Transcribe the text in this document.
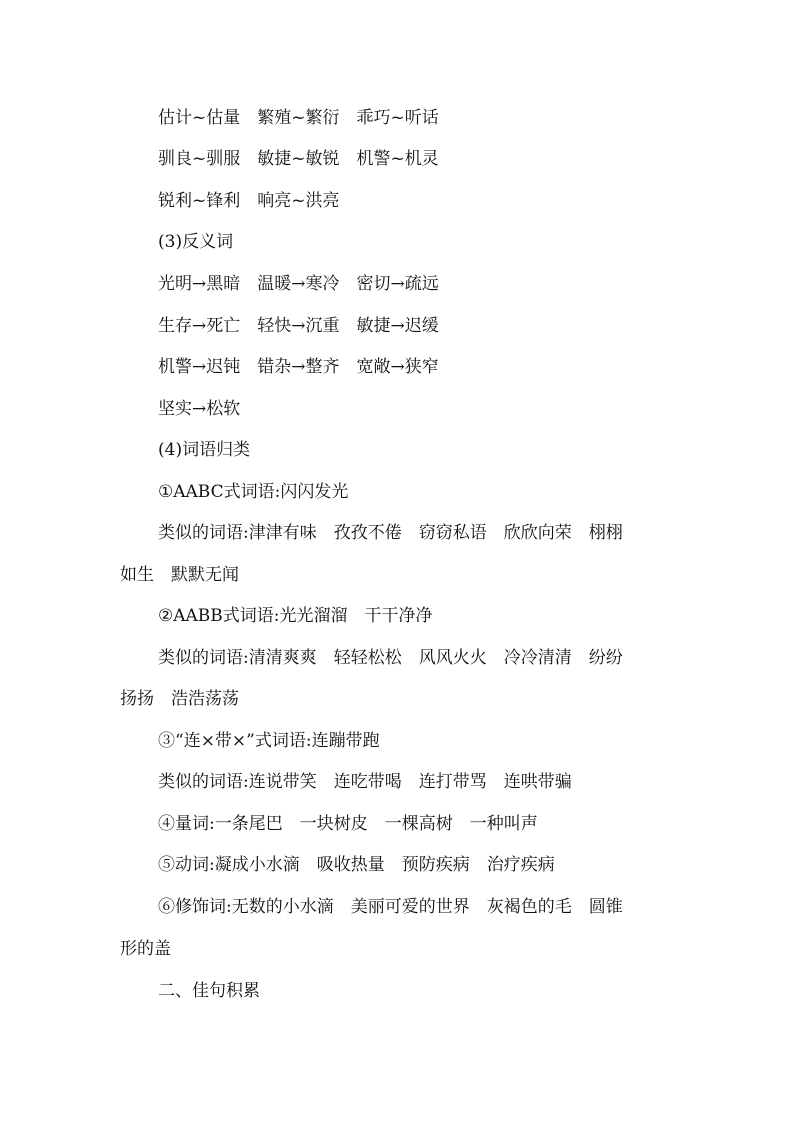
估计~估量　繁殖~繁衍　乖巧~听话
驯良~驯服　敏捷~敏锐　机警~机灵
锐利~锋利　响亮~洪亮
(3)反义词
光明→黑暗　温暖→寒冷　密切→疏远
生存→死亡　轻快→沉重　敏捷→迟缓
机警→迟钝　错杂→整齐　宽敞→狭窄
坚实→松软
(4)词语归类
①AABC式词语:闪闪发光
类似的词语:津津有味　孜孜不倦　窃窃私语　欣欣向荣　栩栩
如生　默默无闻
②AABB式词语:光光溜溜　干干净净
类似的词语:清清爽爽　轻轻松松　风风火火　冷冷清清　纷纷
扬扬　浩浩荡荡
③“连×带×”式词语:连蹦带跑
类似的词语:连说带笑　连吃带喝　连打带骂　连哄带骗
④量词:一条尾巴　一块树皮　一棵高树　一种叫声
⑤动词:凝成小水滴　吸收热量　预防疾病　治疗疾病
⑥修饰词:无数的小水滴　美丽可爱的世界　灰褐色的毛　圆锥
形的盖
二、佳句积累
